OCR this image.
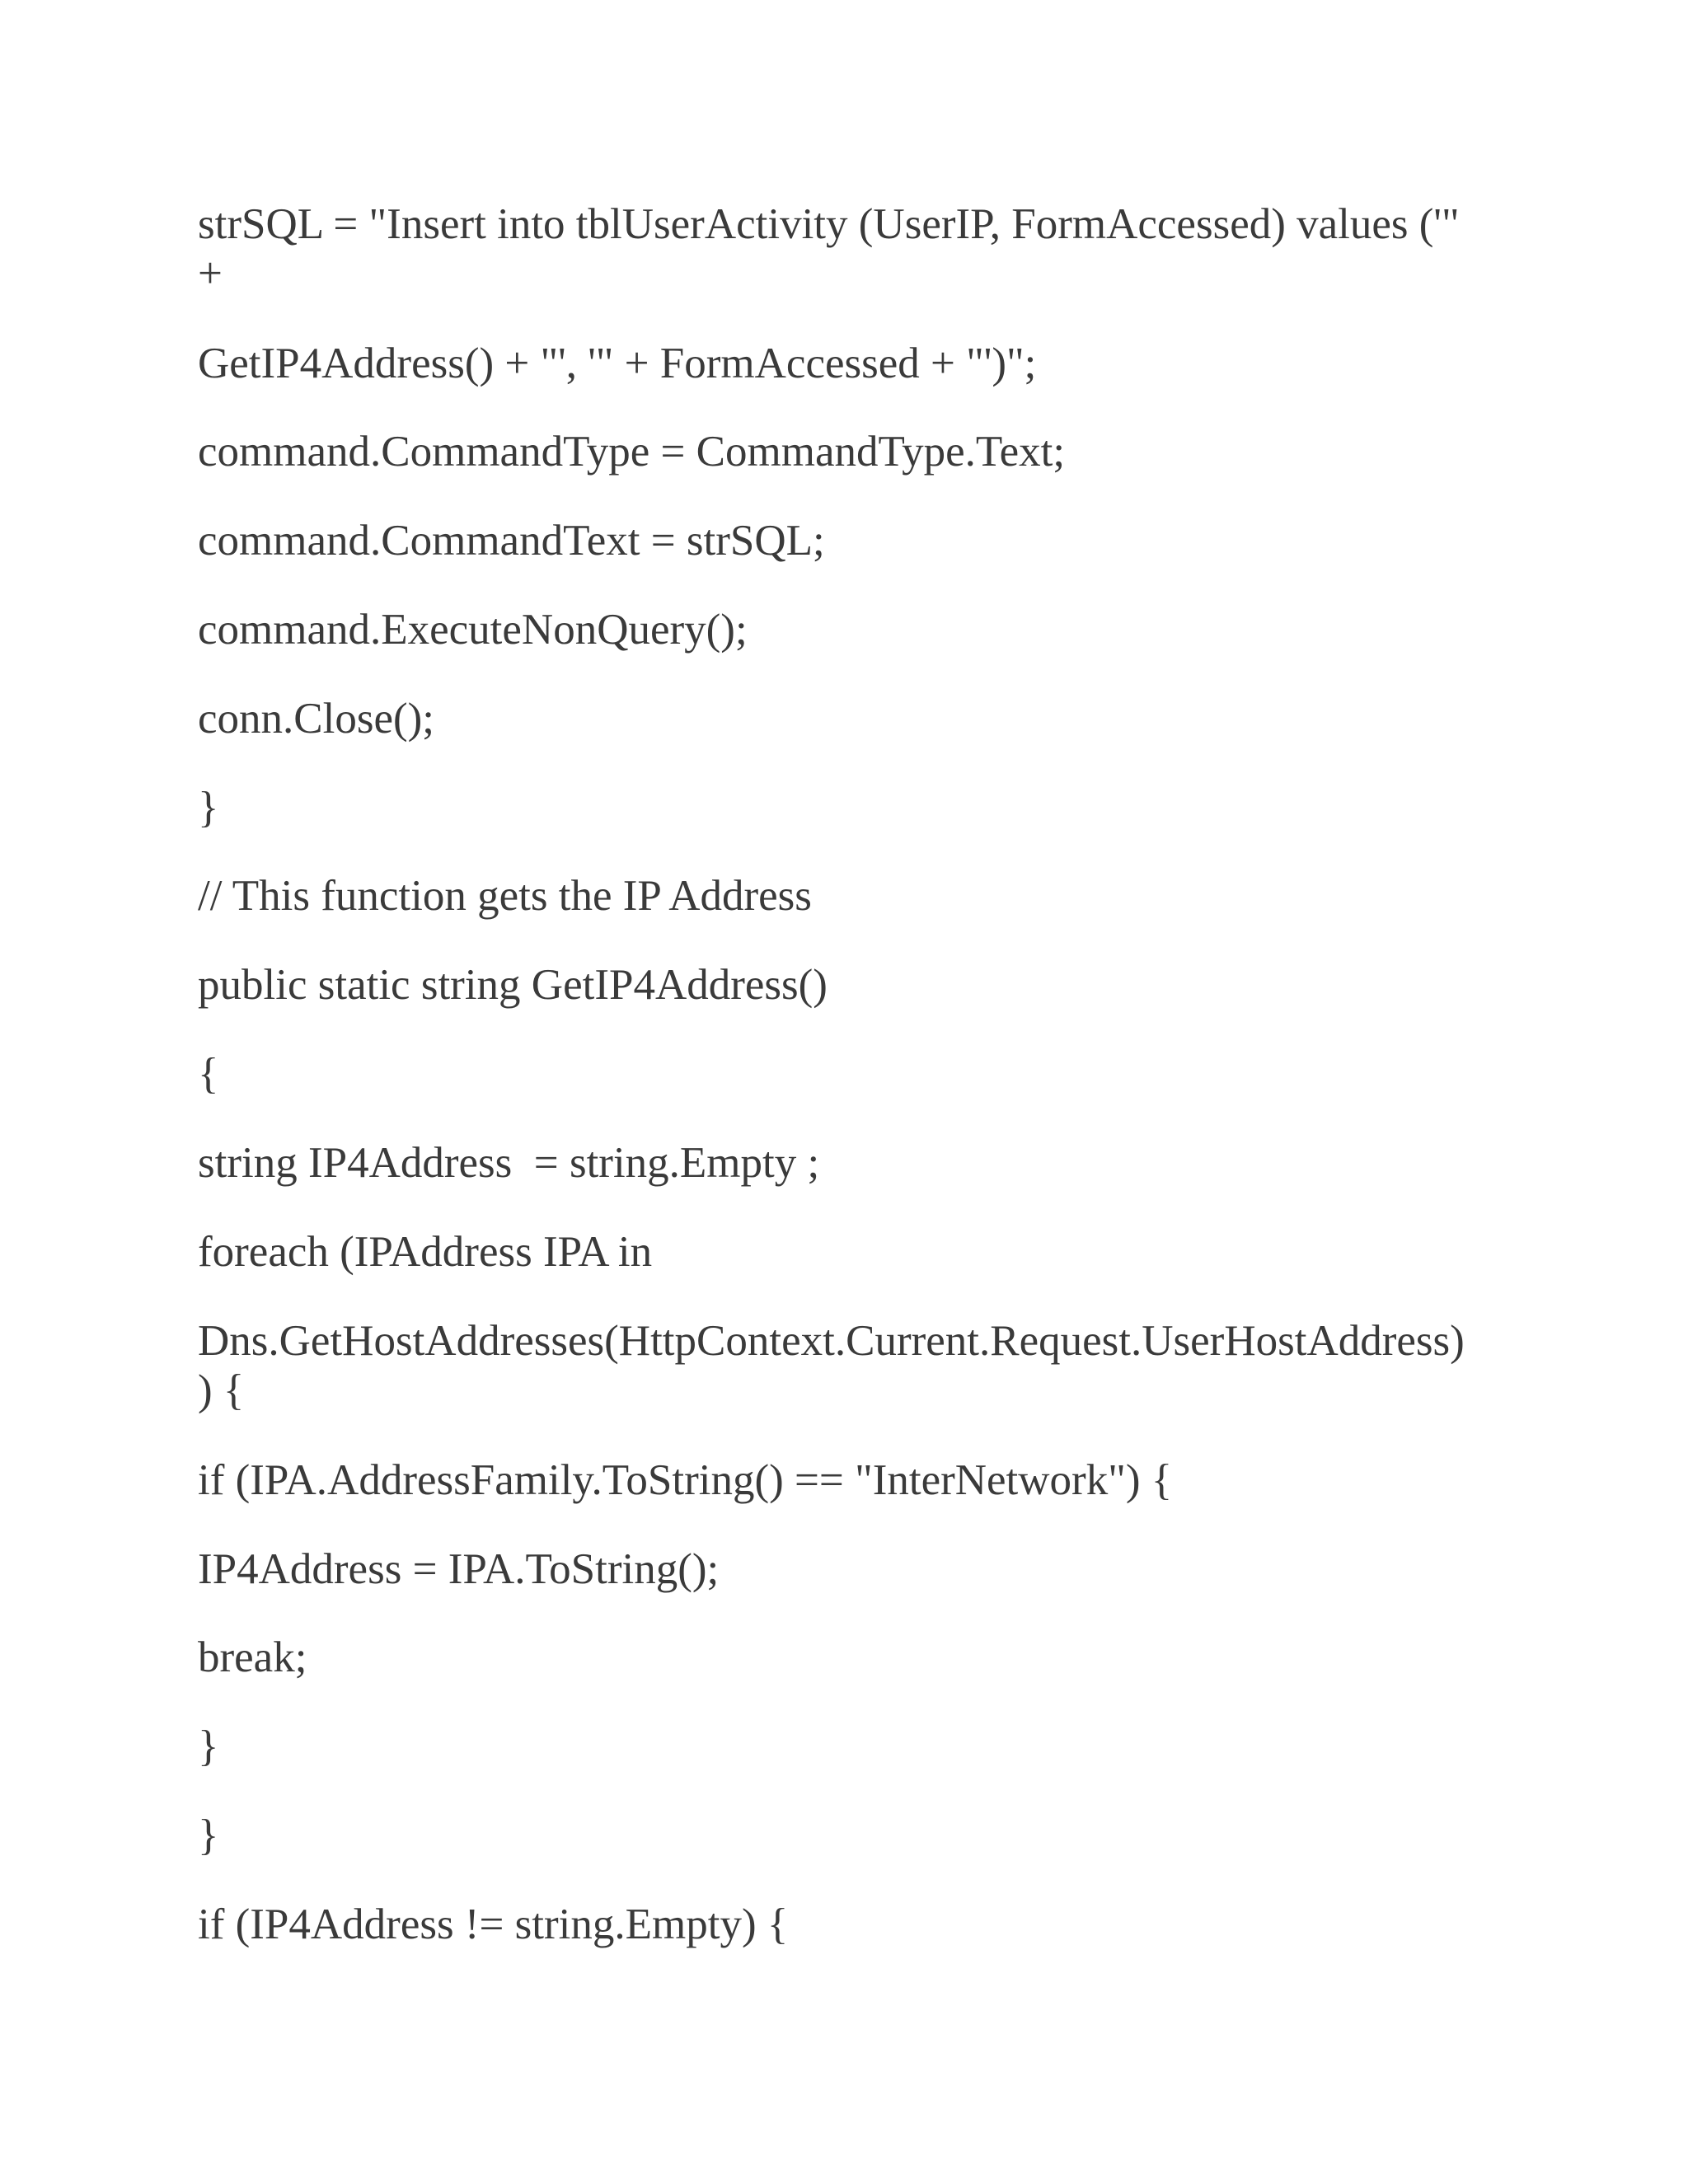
strSQL = "Insert into tblUserActivity (UserIP, FormAccessed) values ('"
+

GetIP4Address() + "', '" + FormAccessed + "')";

command.CommandType = CommandType.Text;

command.CommandText = strSQL;

command.ExecuteNonQuery();

conn.Close();

}

// This function gets the IP Address

public static string GetIP4Address()

{

string IP4Address  = string.Empty ;

foreach (IPAddress IPA in

Dns.GetHostAddresses(HttpContext.Current.Request.UserHostAddress)
) {

if (IPA.AddressFamily.ToString() == "InterNetwork") {

IP4Address = IPA.ToString();

break;

}

}

if (IP4Address != string.Empty) {
